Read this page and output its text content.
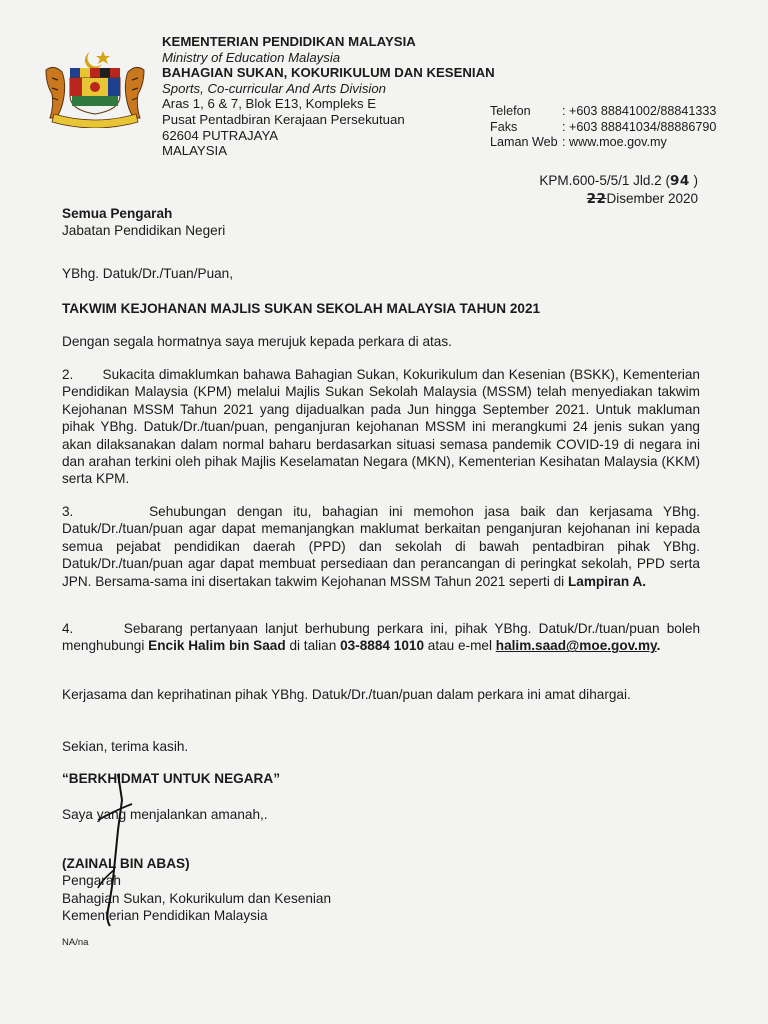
KEMENTERIAN PENDIDIKAN MALAYSIA
Ministry of Education Malaysia
BAHAGIAN SUKAN, KOKURIKULUM DAN KESENIAN
Sports, Co-curricular And Arts Division
Aras 1, 6 & 7, Blok E13, Kompleks E
Pusat Pentadbiran Kerajaan Persekutuan
62604 PUTRAJAYA
MALAYSIA
Telefon	: +603 88841002/88841333
Faks	: +603 88841034/88886790
Laman Web : www.moe.gov.my
KPM.600-5/5/1 Jld.2 (94 )
22Disember 2020
Semua Pengarah
Jabatan Pendidikan Negeri
YBhg. Datuk/Dr./Tuan/Puan,
TAKWIM KEJOHANAN MAJLIS SUKAN SEKOLAH MALAYSIA TAHUN 2021
Dengan segala hormatnya saya merujuk kepada perkara di atas.
2.       Sukacita dimaklumkan bahawa Bahagian Sukan, Kokurikulum dan Kesenian (BSKK), Kementerian Pendidikan Malaysia (KPM) melalui Majlis Sukan Sekolah Malaysia (MSSM) telah menyediakan takwim Kejohanan MSSM Tahun 2021 yang dijadualkan pada Jun hingga September 2021. Untuk makluman pihak YBhg. Datuk/Dr./tuan/puan, penganjuran kejohanan MSSM ini merangkumi 24 jenis sukan yang akan dilaksanakan dalam normal baharu berdasarkan situasi semasa pandemik COVID-19 di negara ini dan arahan terkini oleh pihak Majlis Keselamatan Negara (MKN), Kementerian Kesihatan Malaysia (KKM) serta KPM.
3.       Sehubungan dengan itu, bahagian ini memohon jasa baik dan kerjasama YBhg. Datuk/Dr./tuan/puan agar dapat memanjangkan maklumat berkaitan penganjuran kejohanan ini kepada semua pejabat pendidikan daerah (PPD) dan sekolah di bawah pentadbiran pihak YBhg. Datuk/Dr./tuan/puan agar dapat membuat persediaan dan perancangan di peringkat sekolah, PPD serta JPN. Bersama-sama ini disertakan takwim Kejohanan MSSM Tahun 2021 seperti di Lampiran A.
4.       Sebarang pertanyaan lanjut berhubung perkara ini, pihak YBhg. Datuk/Dr./tuan/puan boleh menghubungi Encik Halim bin Saad di talian 03-8884 1010 atau e-mel halim.saad@moe.gov.my.
Kerjasama dan keprihatinan pihak YBhg. Datuk/Dr./tuan/puan dalam perkara ini amat dihargai.
Sekian, terima kasih.
“BERKHIDMAT UNTUK NEGARA”
Saya yang menjalankan amanah,.
(ZAINAL BIN ABAS)
Pengarah
Bahagian Sukan, Kokurikulum dan Kesenian
Kementerian Pendidikan Malaysia
NA/na
